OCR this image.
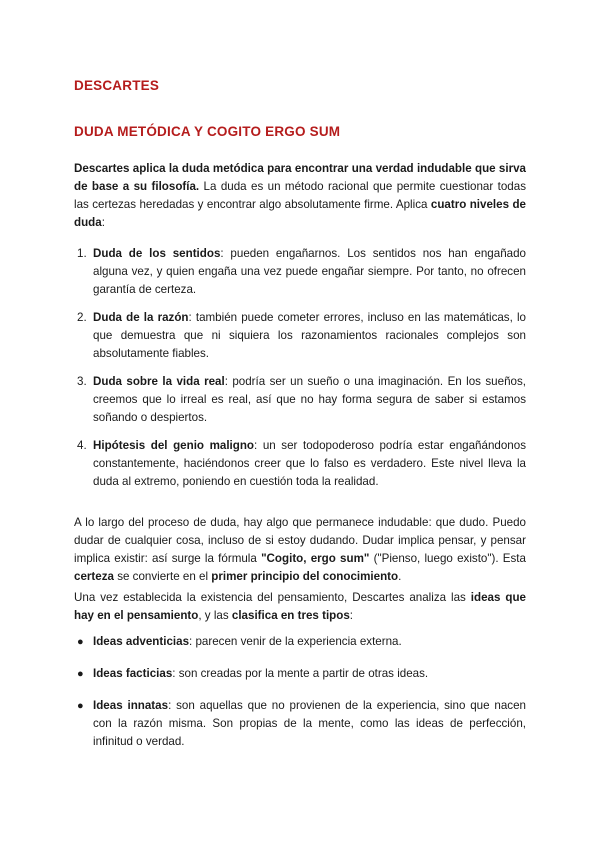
DESCARTES
DUDA METÓDICA Y COGITO ERGO SUM

Descartes aplica la duda metódica para encontrar una verdad indudable que sirva de base a su filosofía. La duda es un método racional que permite cuestionar todas las certezas heredadas y encontrar algo absolutamente firme. Aplica cuatro niveles de duda:

1. Duda de los sentidos: pueden engañarnos. Los sentidos nos han engañado alguna vez, y quien engaña una vez puede engañar siempre. Por tanto, no ofrecen garantía de certeza.
2. Duda de la razón: también puede cometer errores, incluso en las matemáticas, lo que demuestra que ni siquiera los razonamientos racionales complejos son absolutamente fiables.
3. Duda sobre la vida real: podría ser un sueño o una imaginación. En los sueños, creemos que lo irreal es real, así que no hay forma segura de saber si estamos soñando o despiertos.
4. Hipótesis del genio maligno: un ser todopoderoso podría estar engañándonos constantemente, haciéndonos creer que lo falso es verdadero. Este nivel lleva la duda al extremo, poniendo en cuestión toda la realidad.

A lo largo del proceso de duda, hay algo que permanece indudable: que dudo. Puedo dudar de cualquier cosa, incluso de si estoy dudando. Dudar implica pensar, y pensar implica existir: así surge la fórmula "Cogito, ergo sum" ("Pienso, luego existo"). Esta certeza se convierte en el primer principio del conocimiento.

Una vez establecida la existencia del pensamiento, Descartes analiza las ideas que hay en el pensamiento, y las clasifica en tres tipos:

● Ideas adventicias: parecen venir de la experiencia externa.
● Ideas facticias: son creadas por la mente a partir de otras ideas.
● Ideas innatas: son aquellas que no provienen de la experiencia, sino que nacen con la razón misma. Son propias de la mente, como las ideas de perfección, infinitud o verdad.
